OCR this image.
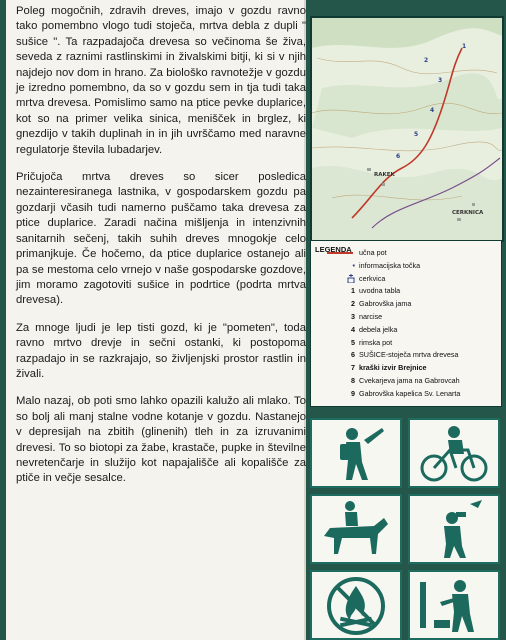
Poleg mogočnih, zdravih dreves, imajo v gozdu ravno tako pomembno vlogo tudi stoječa, mrtva debla z dupli " sušice ". Ta razpadajoča drevesa so večinoma še živa, seveda z raznimi rastlinskimi in živalskimi bitji, ki si v njih najdejo nov dom in hrano. Za biološko ravnotežje v gozdu je izredno pomembno, da so v gozdu sem in tja tudi taka mrtva drevesa. Pomislimo samo na ptice pevke duplarice, kot so na primer velika sinica, menišček in brglez, ki gnezdijo v takih duplinah in in jih uvrščamo med naravne regulatorje števila lubadarjev.

Pričujoča mrtva dreves so sicer posledica nezainteresiranega lastnika, v gospodarskem gozdu pa gozdarji včasih tudi namerno puščamo taka drevesa za ptice duplarice. Zaradi načina mišljenja in intenzivnih sanitarnih sečenj, takih suhih dreves mnogokje celo primanjkuje. Če hočemo, da ptice duplarice ostanejo ali pa se mestoma celo vrnejo v naše gospodarske gozdove, jim moramo zagotoviti sušice in podrtice (podrta mrtva drevesa).

Za mnoge ljudi je lep tisti gozd, ki je "pometen", toda ravno mrtvo drevje in sečni ostanki, ki postopoma razpadajo in se razkrajajo, so življenjski prostor rastlin in živali.

Malo nazaj, ob poti smo lahko opazili kalužo ali mlako. To so bolj ali manj stalne vodne kotanje v gozdu. Nastanejo v depresijah na zbitih (glinenih) tleh in za izruvanimi drevesi. To so biotopi za žabe, krastače, pupke in številne nevretenčarje in služijo kot napajališče ali kopališče za ptiče in večje sesalce.

2
3
4
5
6
1
RAKEK
CERKNICA
LEGENDA učna pot
• informacijska točka
cerkvica
1 uvodna tabla
2 Gabrovška jama
3 narcise
4 debela jelka
5 rimska pot
6 SUŠICE-stoječa mrtva drevesa
7 kraški izvir Brejnice
8 Cvekarjeva jama na Gabrovcah
9 Gabrovška kapelica Sv. Lenarta
